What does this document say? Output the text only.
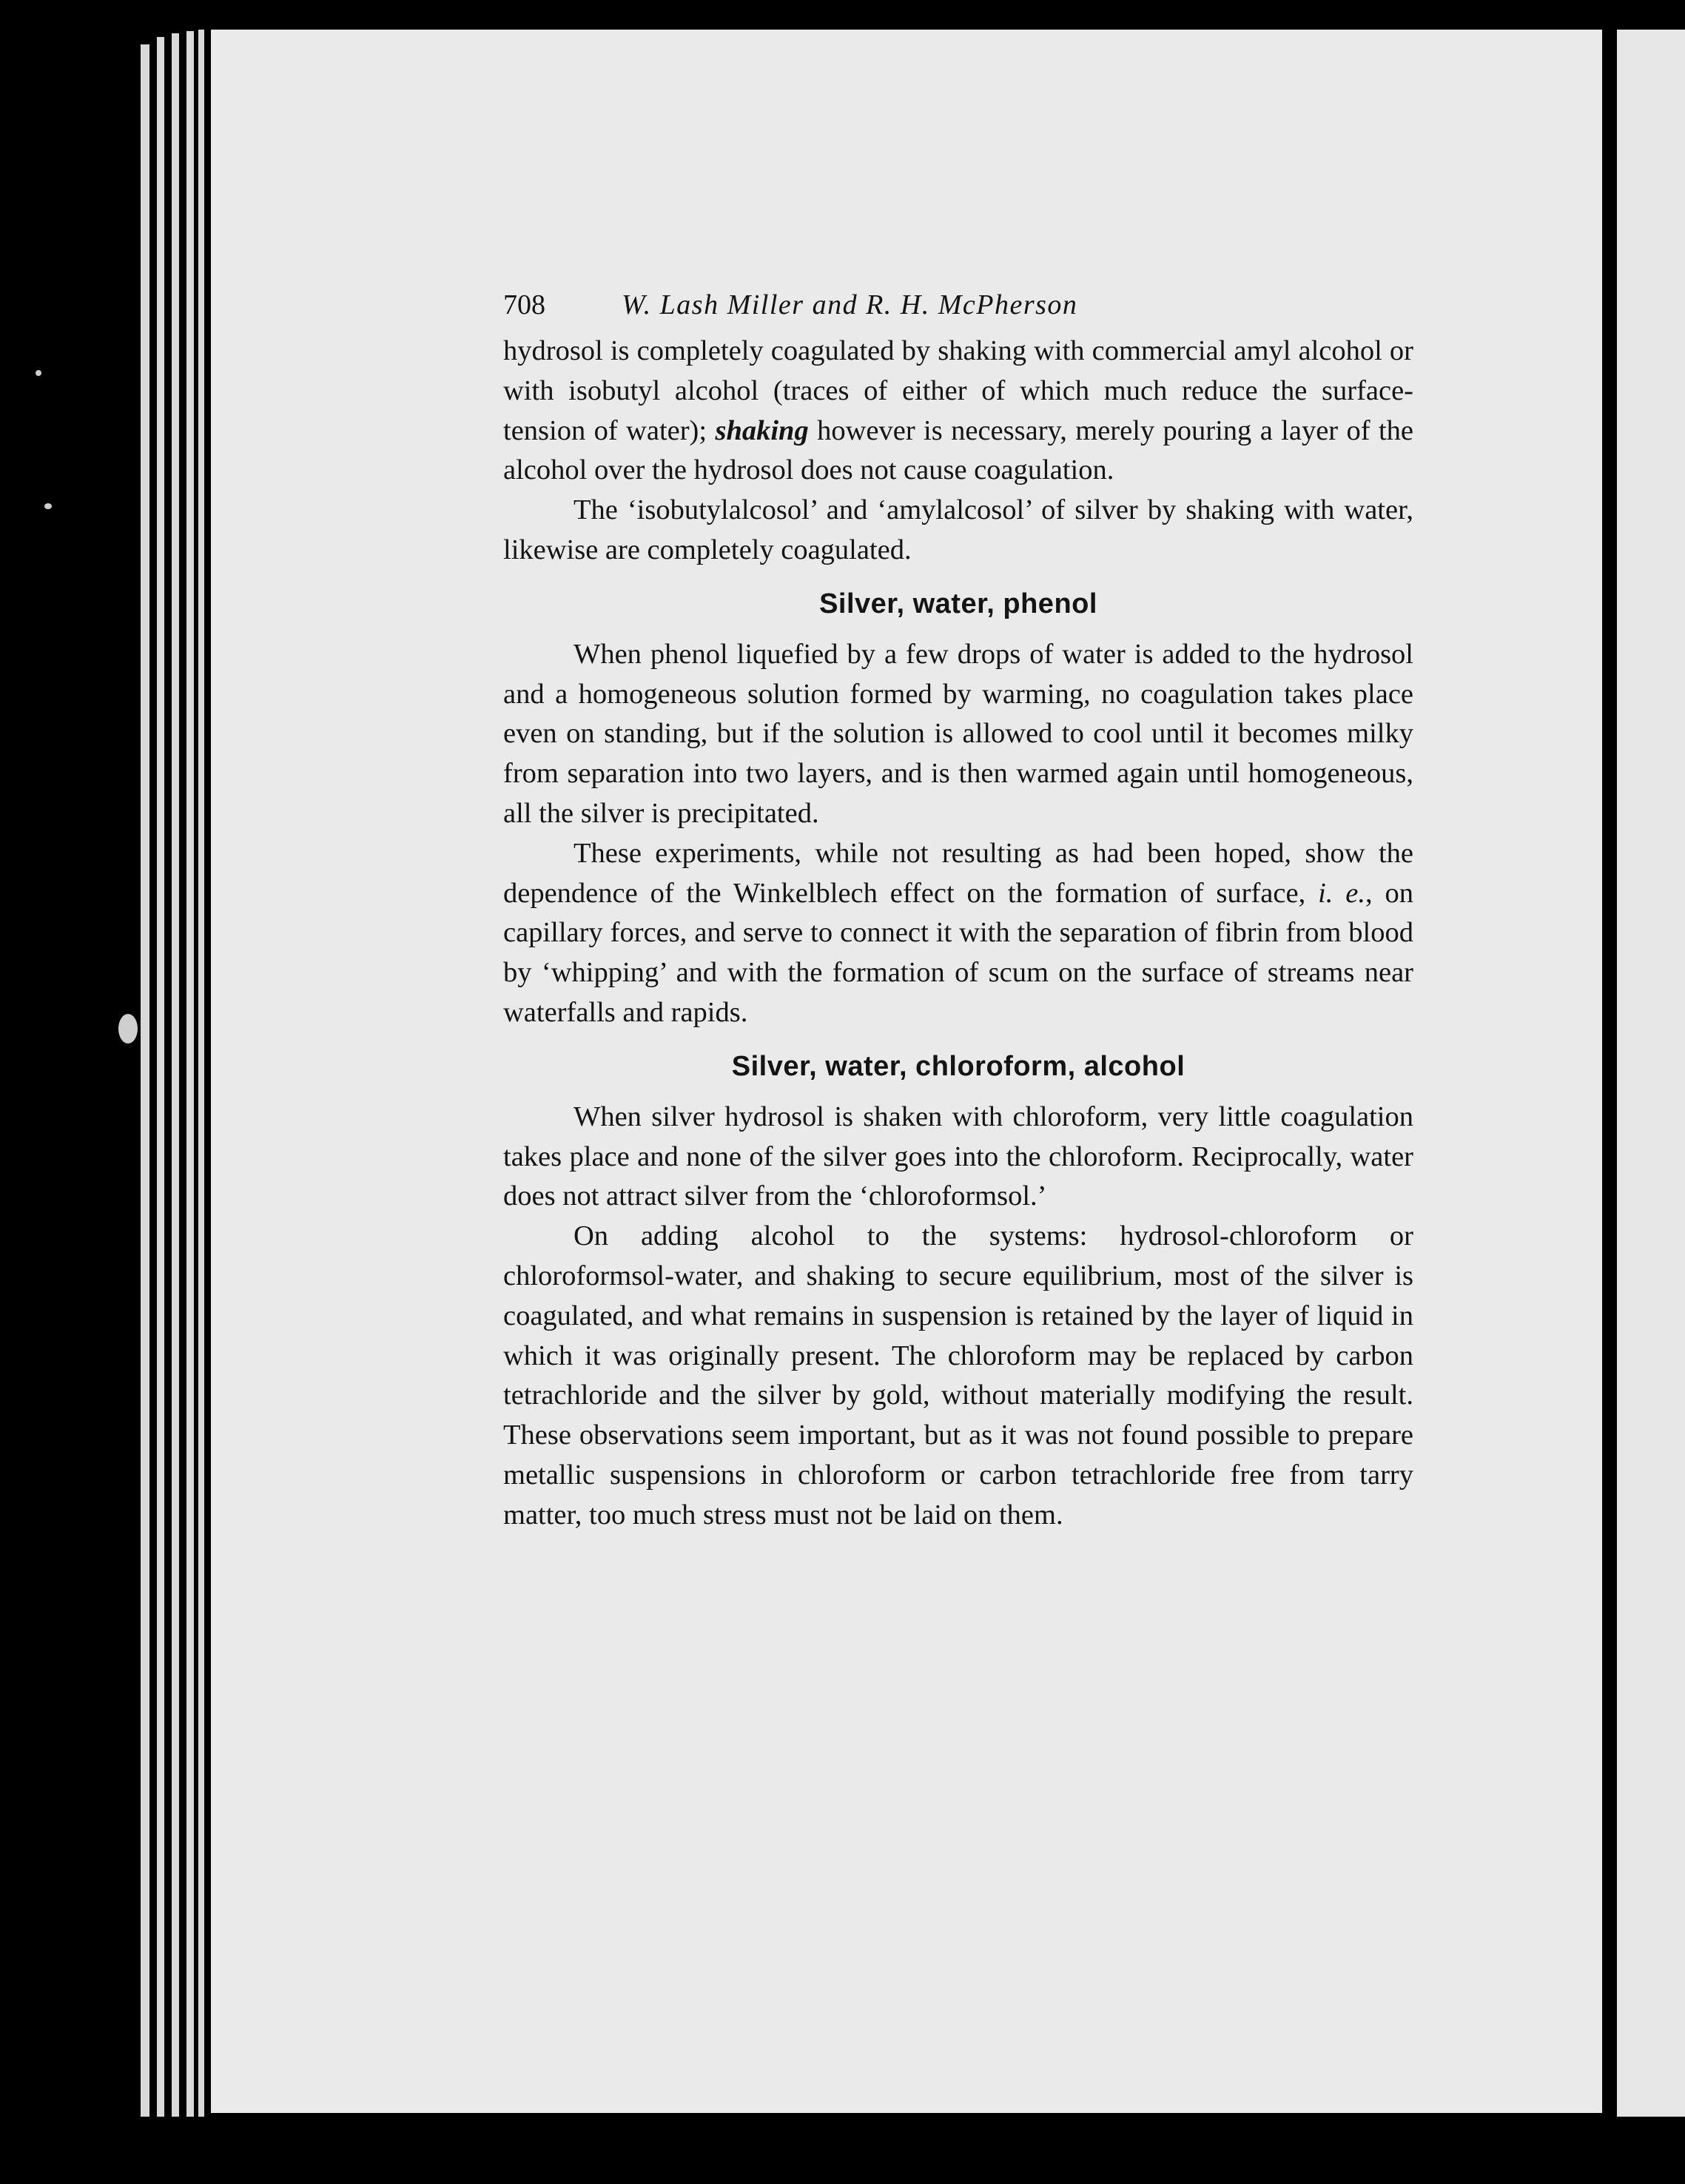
708	W. Lash Miller and R. H. McPherson

hydrosol is completely coagulated by shaking with commercial amyl alcohol or with isobutyl alcohol (traces of either of which much reduce the surface-tension of water); shaking however is necessary, merely pouring a layer of the alcohol over the hydrosol does not cause coagulation.

The ‘isobutylalcosol’ and ‘amylalcosol’ of silver by shaking with water, likewise are completely coagulated.

Silver, water, phenol

When phenol liquefied by a few drops of water is added to the hydrosol and a homogeneous solution formed by warming, no coagulation takes place even on standing, but if the solution is allowed to cool until it becomes milky from separation into two layers, and is then warmed again until homogeneous, all the silver is precipitated.

These experiments, while not resulting as had been hoped, show the dependence of the Winkelblech effect on the formation of surface, i. e., on capillary forces, and serve to connect it with the separation of fibrin from blood by ‘whipping’ and with the formation of scum on the surface of streams near waterfalls and rapids.

Silver, water, chloroform, alcohol

When silver hydrosol is shaken with chloroform, very little coagulation takes place and none of the silver goes into the chloroform. Reciprocally, water does not attract silver from the ‘chloroformsol.’

On adding alcohol to the systems: hydrosol-chloroform or chloroformsol-water, and shaking to secure equilibrium, most of the silver is coagulated, and what remains in suspension is retained by the layer of liquid in which it was originally present. The chloroform may be replaced by carbon tetrachloride and the silver by gold, without materially modifying the result. These observations seem important, but as it was not found possible to prepare metallic suspensions in chloroform or carbon tetrachloride free from tarry matter, too much stress must not be laid on them.
